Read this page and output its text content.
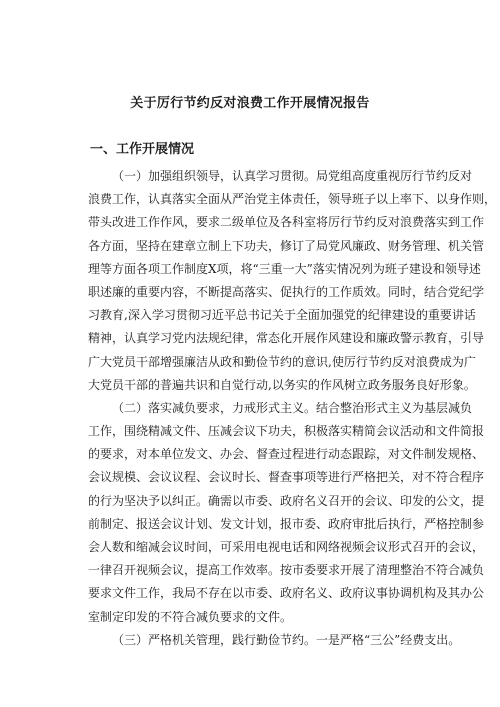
关于厉行节约反对浪费工作开展情况报告
一、工作开展情况
（一）加强组织领导，认真学习贯彻。局党组高度重视厉行节约反对
浪费工作，认真落实全面从严治党主体责任，领导班子以上率下、以身作则，
带头改进工作作风，要求二级单位及各科室将厉行节约反对浪费落实到工作
各方面，坚持在建章立制上下功夫，修订了局党风廉政、财务管理、机关管
理等方面各项工作制度X项，将“三重一大”落实情况列为班子建设和领导述
职述廉的重要内容，不断提高落实、促执行的工作质效。同时，结合党纪学
习教育,深入学习贯彻习近平总书记关于全面加强党的纪律建设的重要讲话
精神，认真学习党内法规纪律，常态化开展作风建设和廉政警示教育，引导
广大党员干部增强廉洁从政和勤俭节约的意识,使厉行节约反对浪费成为广
大党员干部的普遍共识和自觉行动,以务实的作风树立政务服务良好形象。
（二）落实减负要求，力戒形式主义。结合整治形式主义为基层减负
工作，围绕精减文件、压减会议下功夫，积极落实精简会议活动和文件简报
的要求，对本单位发文、办会、督查过程进行动态跟踪，对文件制发规格、
会议规模、会议议程、会议时长、督查事项等进行严格把关，对不符合程序
的行为坚决予以纠正。确需以市委、政府名义召开的会议、印发的公文，提
前制定、报送会议计划、发文计划，报市委、政府审批后执行，严格控制参
会人数和缩减会议时间，可采用电视电话和网络视频会议形式召开的会议，
一律召开视频会议，提高工作效率。按市委要求开展了清理整治不符合减负
要求文件工作，我局不存在以市委、政府名义、政府议事协调机构及其办公
室制定印发的不符合减负要求的文件。
（三）严格机关管理，践行勤俭节约。一是严格“三公”经费支出。
